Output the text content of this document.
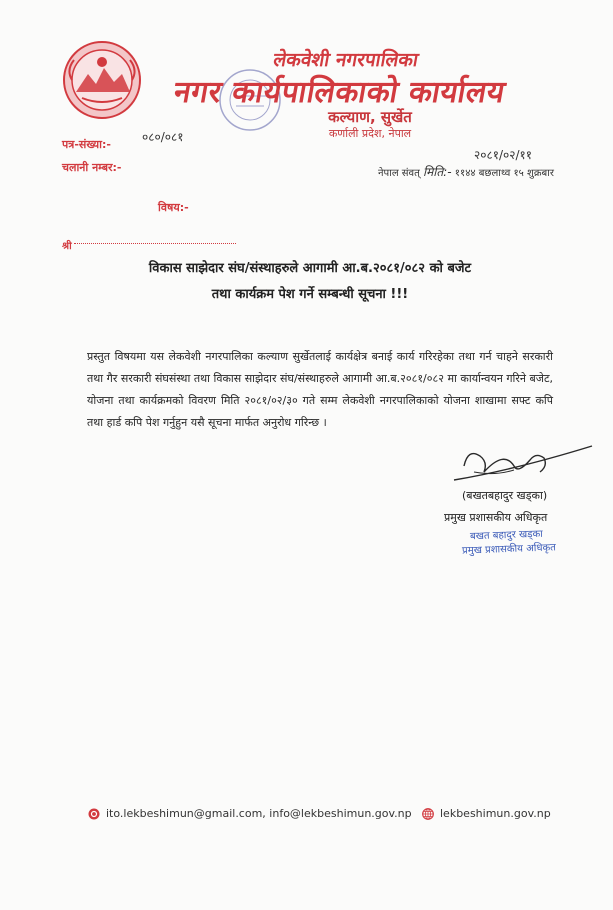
लेकवेशी नगरपालिका
नगर कार्यपालिकाको कार्यालय
कल्याण, सुर्खेत
कर्णाली प्रदेश, नेपाल
पत्र-संख्या:-
०८०/०८१
चलानी नम्बर:-
२०८१/०२/११
नेपाल संवत् मिति:- ११४४ बछलाथ्व १५ शुक्रबार
विषय:-
श्री
विकास साझेदार संघ/संस्थाहरुले आगामी आ.ब.२०८१/०८२ को बजेट
तथा कार्यक्रम पेश गर्ने सम्बन्धी सूचना !!!
प्रस्तुत विषयमा यस लेकवेशी नगरपालिका कल्याण सुर्खेतलाई कार्यक्षेत्र बनाई कार्य गरिरहेका तथा गर्न चाहने सरकारी तथा गैर सरकारी संघसंस्था तथा विकास साझेदार संघ/संस्थाहरुले आगामी आ.ब.२०८१/०८२ मा कार्यान्वयन गरिने बजेट, योजना तथा कार्यक्रमको विवरण मिति २०८१/०२/३० गते सम्म लेकवेशी नगरपालिकाको योजना शाखामा सफ्ट कपि तथा हार्ड कपि पेश गर्नुहुन यसै सूचना मार्फत अनुरोध गरिन्छ ।
(बखतबहादुर खड्का)
प्रमुख प्रशासकीय अधिकृत
बखत बहादुर खड्का
प्रमुख प्रशासकीय अधिकृत
ito.lekbeshimun@gmail.com, info@lekbeshimun.gov.np	lekbeshimun.gov.np
